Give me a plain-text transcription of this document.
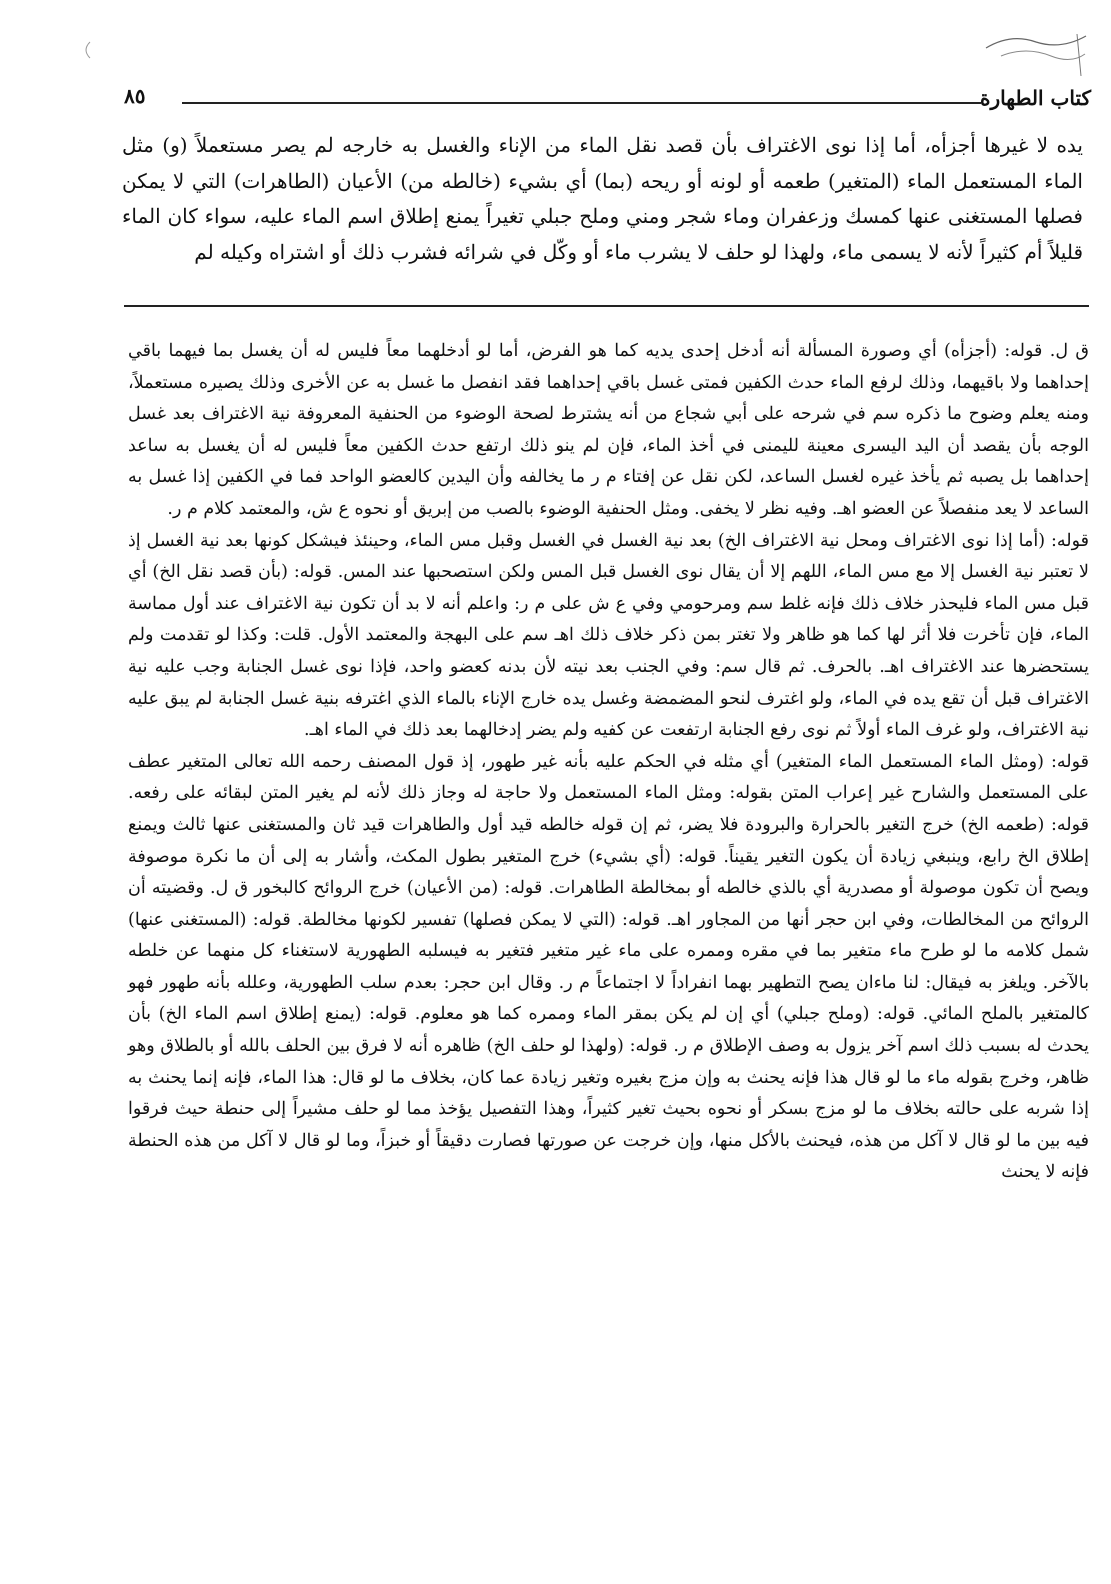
كتاب الطهارة
٨٥

يده لا غيرها أجزأه، أما إذا نوى الاغتراف بأن قصد نقل الماء من الإناء والغسل به خارجه لم يصر مستعملاً (و) مثل الماء المستعمل الماء (المتغير) طعمه أو لونه أو ريحه (بما) أي بشيء (خالطه من) الأعيان (الطاهرات) التي لا يمكن فصلها المستغنى عنها كمسك وزعفران وماء شجر ومني وملح جبلي تغيراً يمنع إطلاق اسم الماء عليه، سواء كان الماء قليلاً أم كثيراً لأنه لا يسمى ماء، ولهذا لو حلف لا يشرب ماء أو وكّل في شرائه فشرب ذلك أو اشتراه وكيله لم

ق ل. قوله: (أجزأه) أي وصورة المسألة أنه أدخل إحدى يديه كما هو الفرض، أما لو أدخلهما معاً فليس له أن يغسل بما فيهما باقي إحداهما ولا باقيهما، وذلك لرفع الماء حدث الكفين فمتى غسل باقي إحداهما فقد انفصل ما غسل به عن الأخرى وذلك يصيره مستعملاً، ومنه يعلم وضوح ما ذكره سم في شرحه على أبي شجاع من أنه يشترط لصحة الوضوء من الحنفية المعروفة نية الاغتراف بعد غسل الوجه بأن يقصد أن اليد اليسرى معينة لليمنى في أخذ الماء، فإن لم ينو ذلك ارتفع حدث الكفين معاً فليس له أن يغسل به ساعد إحداهما بل يصبه ثم يأخذ غيره لغسل الساعد، لكن نقل عن إفتاء م ر ما يخالفه وأن اليدين كالعضو الواحد فما في الكفين إذا غسل به الساعد لا يعد منفصلاً عن العضو اهـ. وفيه نظر لا يخفى. ومثل الحنفية الوضوء بالصب من إبريق أو نحوه ع ش، والمعتمد كلام م ر.

قوله: (أما إذا نوى الاغتراف ومحل نية الاغتراف الخ) بعد نية الغسل في الغسل وقبل مس الماء، وحينئذ فيشكل كونها بعد نية الغسل إذ لا تعتبر نية الغسل إلا مع مس الماء، اللهم إلا أن يقال نوى الغسل قبل المس ولكن استصحبها عند المس. قوله: (بأن قصد نقل الخ) أي قبل مس الماء فليحذر خلاف ذلك فإنه غلط سم ومرحومي وفي ع ش على م ر: واعلم أنه لا بد أن تكون نية الاغتراف عند أول مماسة الماء، فإن تأخرت فلا أثر لها كما هو ظاهر ولا تغتر بمن ذكر خلاف ذلك اهـ سم على البهجة والمعتمد الأول. قلت: وكذا لو تقدمت ولم يستحضرها عند الاغتراف اهـ. بالحرف. ثم قال سم: وفي الجنب بعد نيته لأن بدنه كعضو واحد، فإذا نوى غسل الجنابة وجب عليه نية الاغتراف قبل أن تقع يده في الماء، ولو اغترف لنحو المضمضة وغسل يده خارج الإناء بالماء الذي اغترفه بنية غسل الجنابة لم يبق عليه نية الاغتراف، ولو غرف الماء أولاً ثم نوى رفع الجنابة ارتفعت عن كفيه ولم يضر إدخالهما بعد ذلك في الماء اهـ.

قوله: (ومثل الماء المستعمل الماء المتغير) أي مثله في الحكم عليه بأنه غير طهور، إذ قول المصنف رحمه الله تعالى المتغير عطف على المستعمل والشارح غير إعراب المتن بقوله: ومثل الماء المستعمل ولا حاجة له وجاز ذلك لأنه لم يغير المتن لبقائه على رفعه. قوله: (طعمه الخ) خرج التغير بالحرارة والبرودة فلا يضر، ثم إن قوله خالطه قيد أول والطاهرات قيد ثان والمستغنى عنها ثالث ويمنع إطلاق الخ رابع، وينبغي زيادة أن يكون التغير يقيناً. قوله: (أي بشيء) خرج المتغير بطول المكث، وأشار به إلى أن ما نكرة موصوفة ويصح أن تكون موصولة أو مصدرية أي بالذي خالطه أو بمخالطة الطاهرات. قوله: (من الأعيان) خرج الروائح كالبخور ق ل. وقضيته أن الروائح من المخالطات، وفي ابن حجر أنها من المجاور اهـ. قوله: (التي لا يمكن فصلها) تفسير لكونها مخالطة. قوله: (المستغنى عنها) شمل كلامه ما لو طرح ماء متغير بما في مقره وممره على ماء غير متغير فتغير به فيسلبه الطهورية لاستغناء كل منهما عن خلطه بالآخر. ويلغز به فيقال: لنا ماءان يصح التطهير بهما انفراداً لا اجتماعاً م ر. وقال ابن حجر: بعدم سلب الطهورية، وعلله بأنه طهور فهو كالمتغير بالملح المائي. قوله: (وملح جبلي) أي إن لم يكن بمقر الماء وممره كما هو معلوم. قوله: (يمنع إطلاق اسم الماء الخ) بأن يحدث له بسبب ذلك اسم آخر يزول به وصف الإطلاق م ر. قوله: (ولهذا لو حلف الخ) ظاهره أنه لا فرق بين الحلف بالله أو بالطلاق وهو ظاهر، وخرج بقوله ماء ما لو قال هذا فإنه يحنث به وإن مزج بغيره وتغير زيادة عما كان، بخلاف ما لو قال: هذا الماء، فإنه إنما يحنث به إذا شربه على حالته بخلاف ما لو مزج بسكر أو نحوه بحيث تغير كثيراً، وهذا التفصيل يؤخذ مما لو حلف مشيراً إلى حنطة حيث فرقوا فيه بين ما لو قال لا آكل من هذه، فيحنث بالأكل منها، وإن خرجت عن صورتها فصارت دقيقاً أو خبزاً، وما لو قال لا آكل من هذه الحنطة فإنه لا يحنث
